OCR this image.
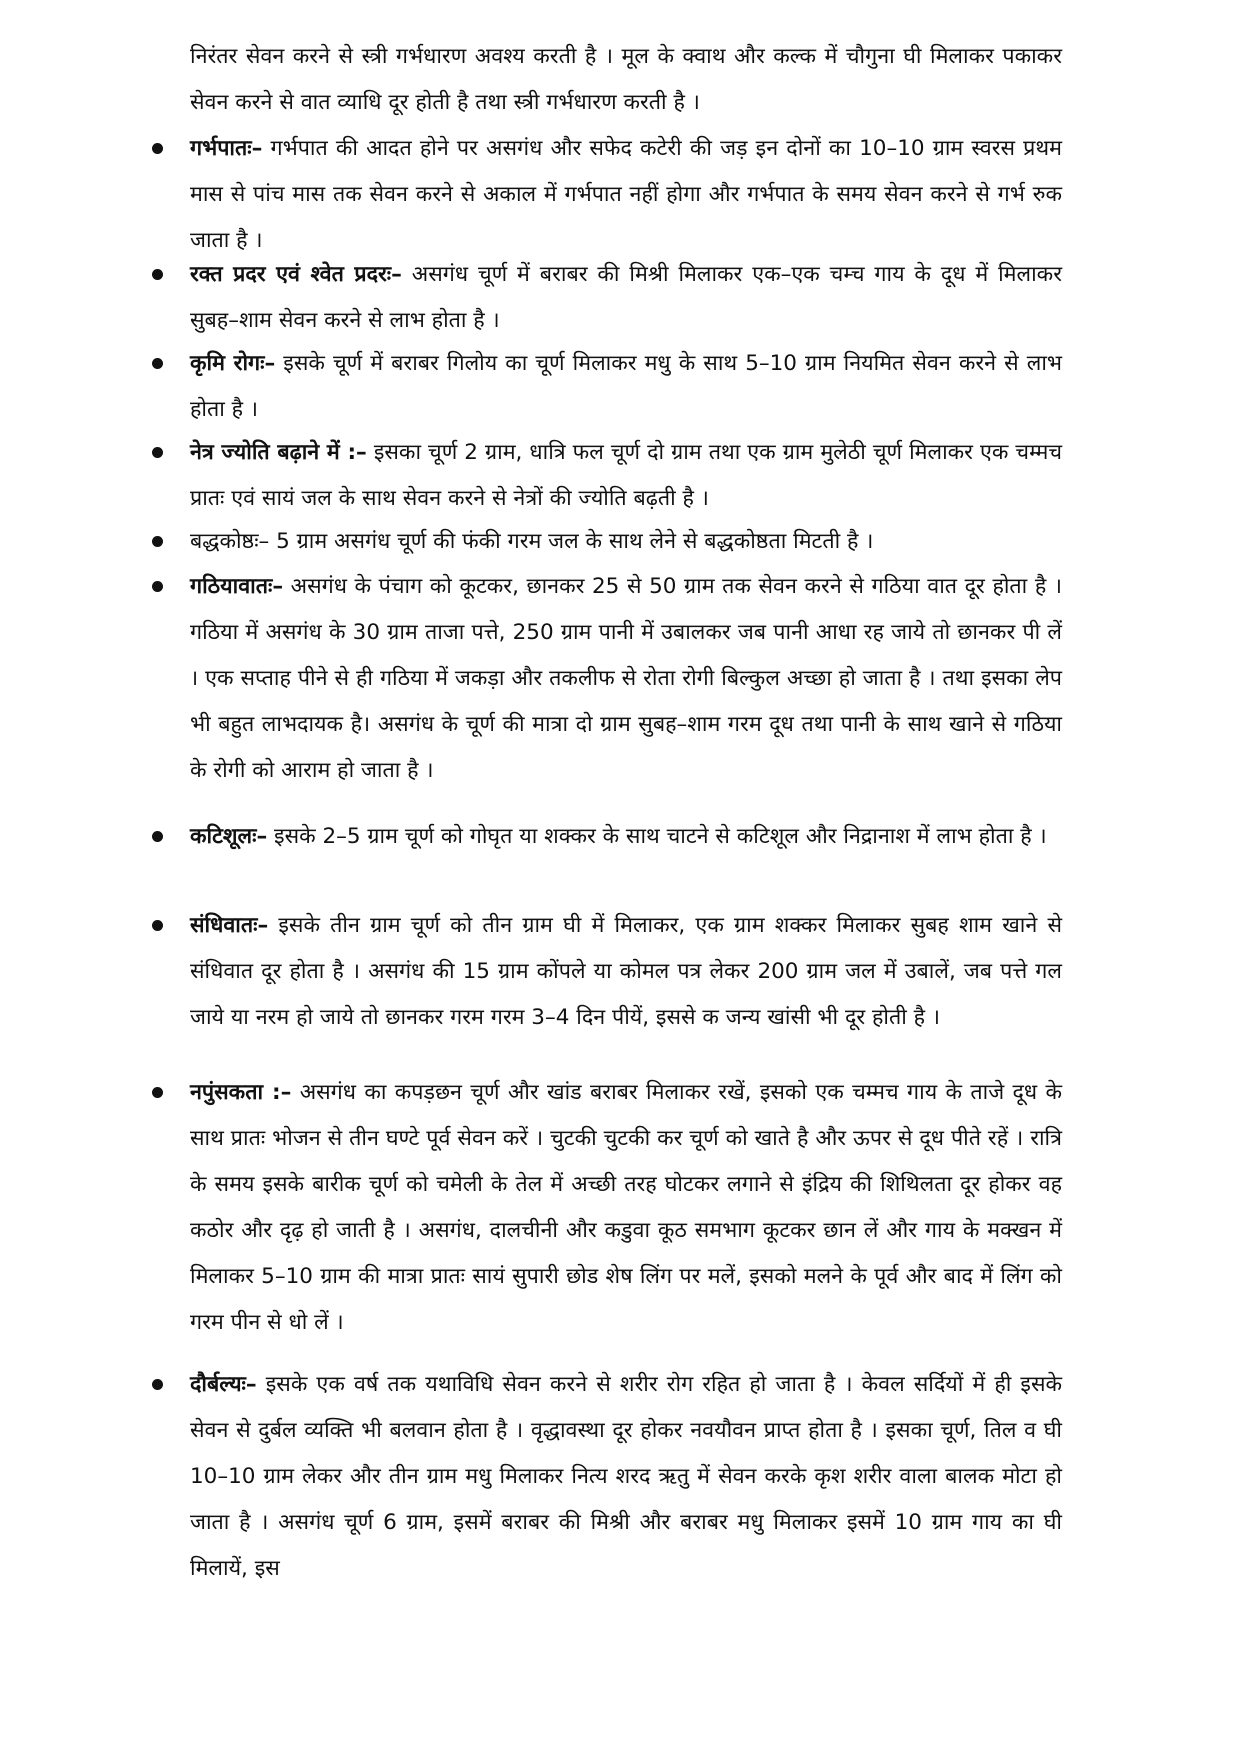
निरंतर सेवन करने से स्त्री गर्भधारण अवश्य करती है । मूल के क्वाथ और कल्क में चौगुना घी मिलाकर पकाकर सेवन करने से वात व्याधि दूर होती है तथा स्त्री गर्भधारण करती है ।
गर्भपातः– गर्भपात की आदत होने पर असगंध और सफेद कटेरी की जड़ इन दोनों का 10–10 ग्राम स्वरस प्रथम मास से पांच मास तक सेवन करने से अकाल में गर्भपात नहीं होगा और गर्भपात के समय सेवन करने से गर्भ रुक जाता है ।
रक्त प्रदर एवं श्वेत प्रदरः– असगंध चूर्ण में बराबर की मिश्री मिलाकर एक–एक चम्च गाय के दूध में मिलाकर सुबह–शाम सेवन करने से लाभ होता है ।
कृमि रोगः– इसके चूर्ण में बराबर गिलोय का चूर्ण मिलाकर मधु के साथ 5–10 ग्राम नियमित सेवन करने से लाभ होता है ।
नेत्र ज्योति बढ़ाने में :– इसका चूर्ण 2 ग्राम, धात्रि फल चूर्ण दो ग्राम तथा एक ग्राम मुलेठी चूर्ण मिलाकर एक चम्मच प्रातः एवं सायं जल के साथ सेवन करने से नेत्रों की ज्योति बढ़ती है ।
बद्धकोष्ठः– 5 ग्राम असगंध चूर्ण की फंकी गरम जल के साथ लेने से बद्धकोष्ठता मिटती है ।
गठियावातः– असगंध के पंचाग को कूटकर, छानकर 25 से 50 ग्राम तक सेवन करने से गठिया वात दूर होता है । गठिया में असगंध के 30 ग्राम ताजा पत्ते, 250 ग्राम पानी में उबालकर जब पानी आधा रह जाये तो छानकर पी लें । एक सप्ताह पीने से ही गठिया में जकड़ा और तकलीफ से रोता रोगी बिल्कुल अच्छा हो जाता है । तथा इसका लेप भी बहुत लाभदायक है। असगंध के चूर्ण की मात्रा दो ग्राम सुबह–शाम गरम दूध तथा पानी के साथ खाने से गठिया के रोगी को आराम हो जाता है ।
कटिशूलः– इसके 2–5 ग्राम चूर्ण को गोघृत या शक्कर के साथ चाटने से कटिशूल और निद्रानाश में लाभ होता है ।
संधिवातः– इसके तीन ग्राम चूर्ण को तीन ग्राम घी में मिलाकर, एक ग्राम शक्कर मिलाकर सुबह शाम खाने से संधिवात दूर होता है । असगंध की 15 ग्राम कोंपले या कोमल पत्र लेकर 200 ग्राम जल में उबालें, जब पत्ते गल जाये या नरम हो जाये तो छानकर गरम गरम 3–4 दिन पीयें, इससे क जन्य खांसी भी दूर होती है ।
नपुंसकता :– असगंध का कपड़छन चूर्ण और खांड बराबर मिलाकर रखें, इसको एक चम्मच गाय के ताजे दूध के साथ प्रातः भोजन से तीन घण्टे पूर्व सेवन करें । चुटकी चुटकी कर चूर्ण को खाते है और ऊपर से दूध पीते रहें । रात्रि के समय इसके बारीक चूर्ण को चमेली के तेल में अच्छी तरह घोटकर लगाने से इंद्रिय की शिथिलता दूर होकर वह कठोर और दृढ़ हो जाती है । असगंध, दालचीनी और कडुवा कूठ समभाग कूटकर छान लें और गाय के मक्खन में मिलाकर 5–10 ग्राम की मात्रा प्रातः सायं सुपारी छोड शेष लिंग पर मलें, इसको मलने के पूर्व और बाद में लिंग को गरम पीन से धो लें ।
दौर्बल्यः– इसके एक वर्ष तक यथाविधि सेवन करने से शरीर रोग रहित हो जाता है । केवल सर्दियों में ही इसके सेवन से दुर्बल व्यक्ति भी बलवान होता है । वृद्धावस्था दूर होकर नवयौवन प्राप्त होता है । इसका चूर्ण, तिल व घी 10–10 ग्राम लेकर और तीन ग्राम मधु मिलाकर नित्य शरद ऋतु में सेवन करके कृश शरीर वाला बालक मोटा हो जाता है । असगंध चूर्ण 6 ग्राम, इसमें बराबर की मिश्री और बराबर मधु मिलाकर इसमें 10 ग्राम गाय का घी मिलायें, इस
